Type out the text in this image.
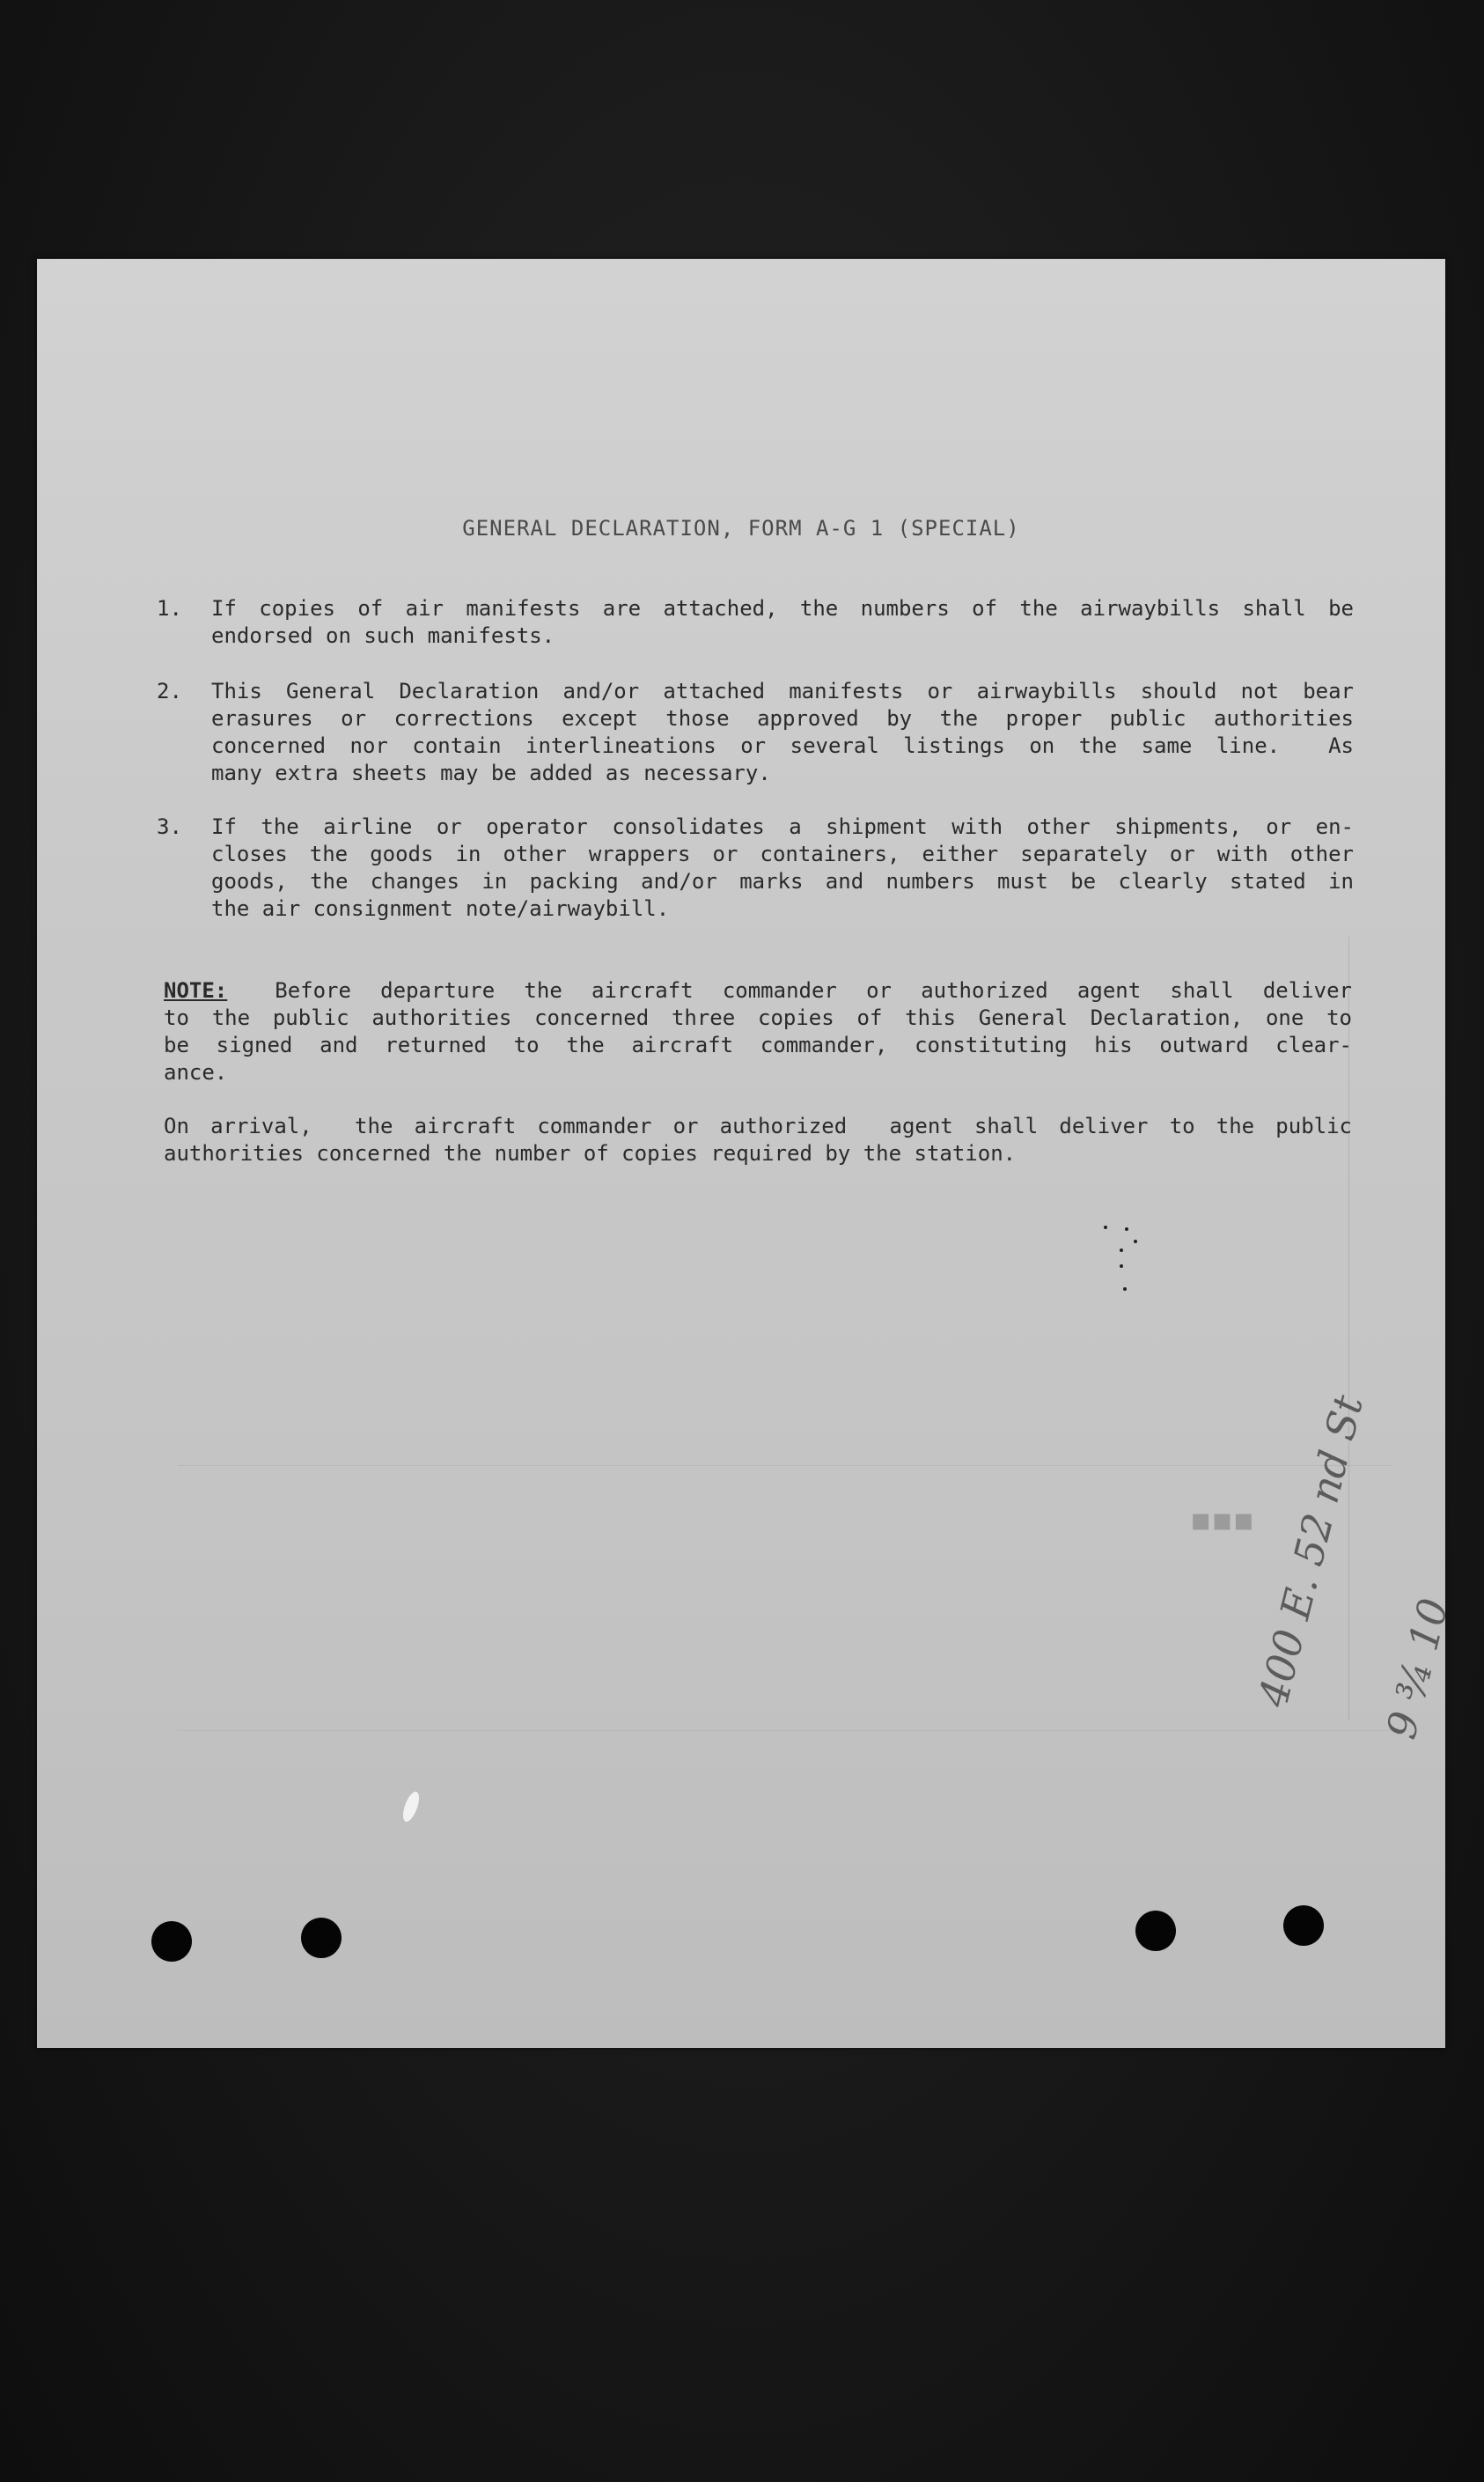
GENERAL DECLARATION, FORM A-G 1 (SPECIAL)
1.	If copies of air manifests are attached, the numbers of the airwaybills shall be
endorsed on such manifests.
2.	This General Declaration and/or attached manifests or airwaybills should not bear
erasures or corrections except those approved by the proper public authorities
concerned nor contain interlineations or several listings on the same line.  As
many extra sheets may be added as necessary.
3.	If the airline or operator consolidates a shipment with other shipments, or en-
closes the goods in other wrappers or containers, either separately or with other
goods, the changes in packing and/or marks and numbers must be clearly stated in
the air consignment note/airwaybill.
NOTE: Before departure the aircraft commander or authorized agent shall deliver
to the public authorities concerned three copies of this General Declaration, one to
be signed and returned to the aircraft commander, constituting his outward clear-
ance.
On arrival,  the aircraft commander or authorized  agent shall deliver to the public
authorities concerned the number of copies required by the station.
▪▪▪

400 E. 52 nd St

9 ¾ 10
